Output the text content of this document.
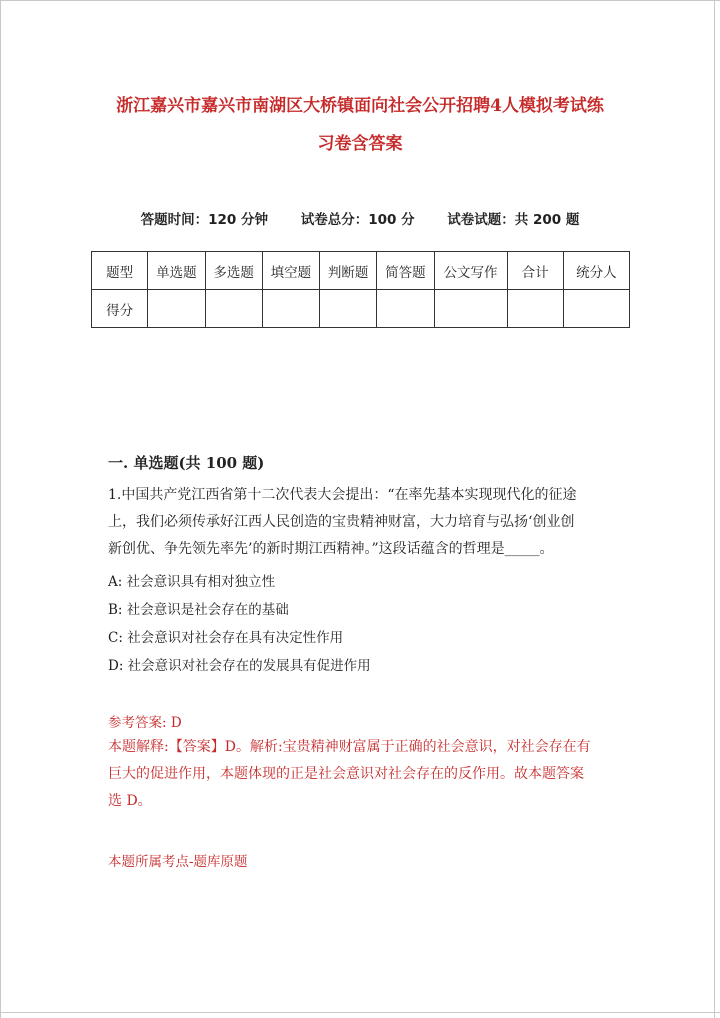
浙江嘉兴市嘉兴市南湖区大桥镇面向社会公开招聘4人模拟考试练
习卷含答案
答题时间：120 分钟 试卷总分：100 分 试卷试题：共 200 题
题型	单选题	多选题	填空题	判断题	简答题	公文写作	合计	统分人
得分								
一. 单选题(共 100 题)
1.中国共产党江西省第十二次代表大会提出：“在率先基本实现现代化的征途
上，我们必须传承好江西人民创造的宝贵精神财富，大力培育与弘扬‘创业创
新创优、争先领先率先’的新时期江西精神。”这段话蕴含的哲理是_____。
A: 社会意识具有相对独立性
B: 社会意识是社会存在的基础
C: 社会意识对社会存在具有决定性作用
D: 社会意识对社会存在的发展具有促进作用
参考答案: D
本题解释:【答案】D。解析:宝贵精神财富属于正确的社会意识，对社会存在有
巨大的促进作用，本题体现的正是社会意识对社会存在的反作用。故本题答案
选 D。
本题所属考点-题库原题
